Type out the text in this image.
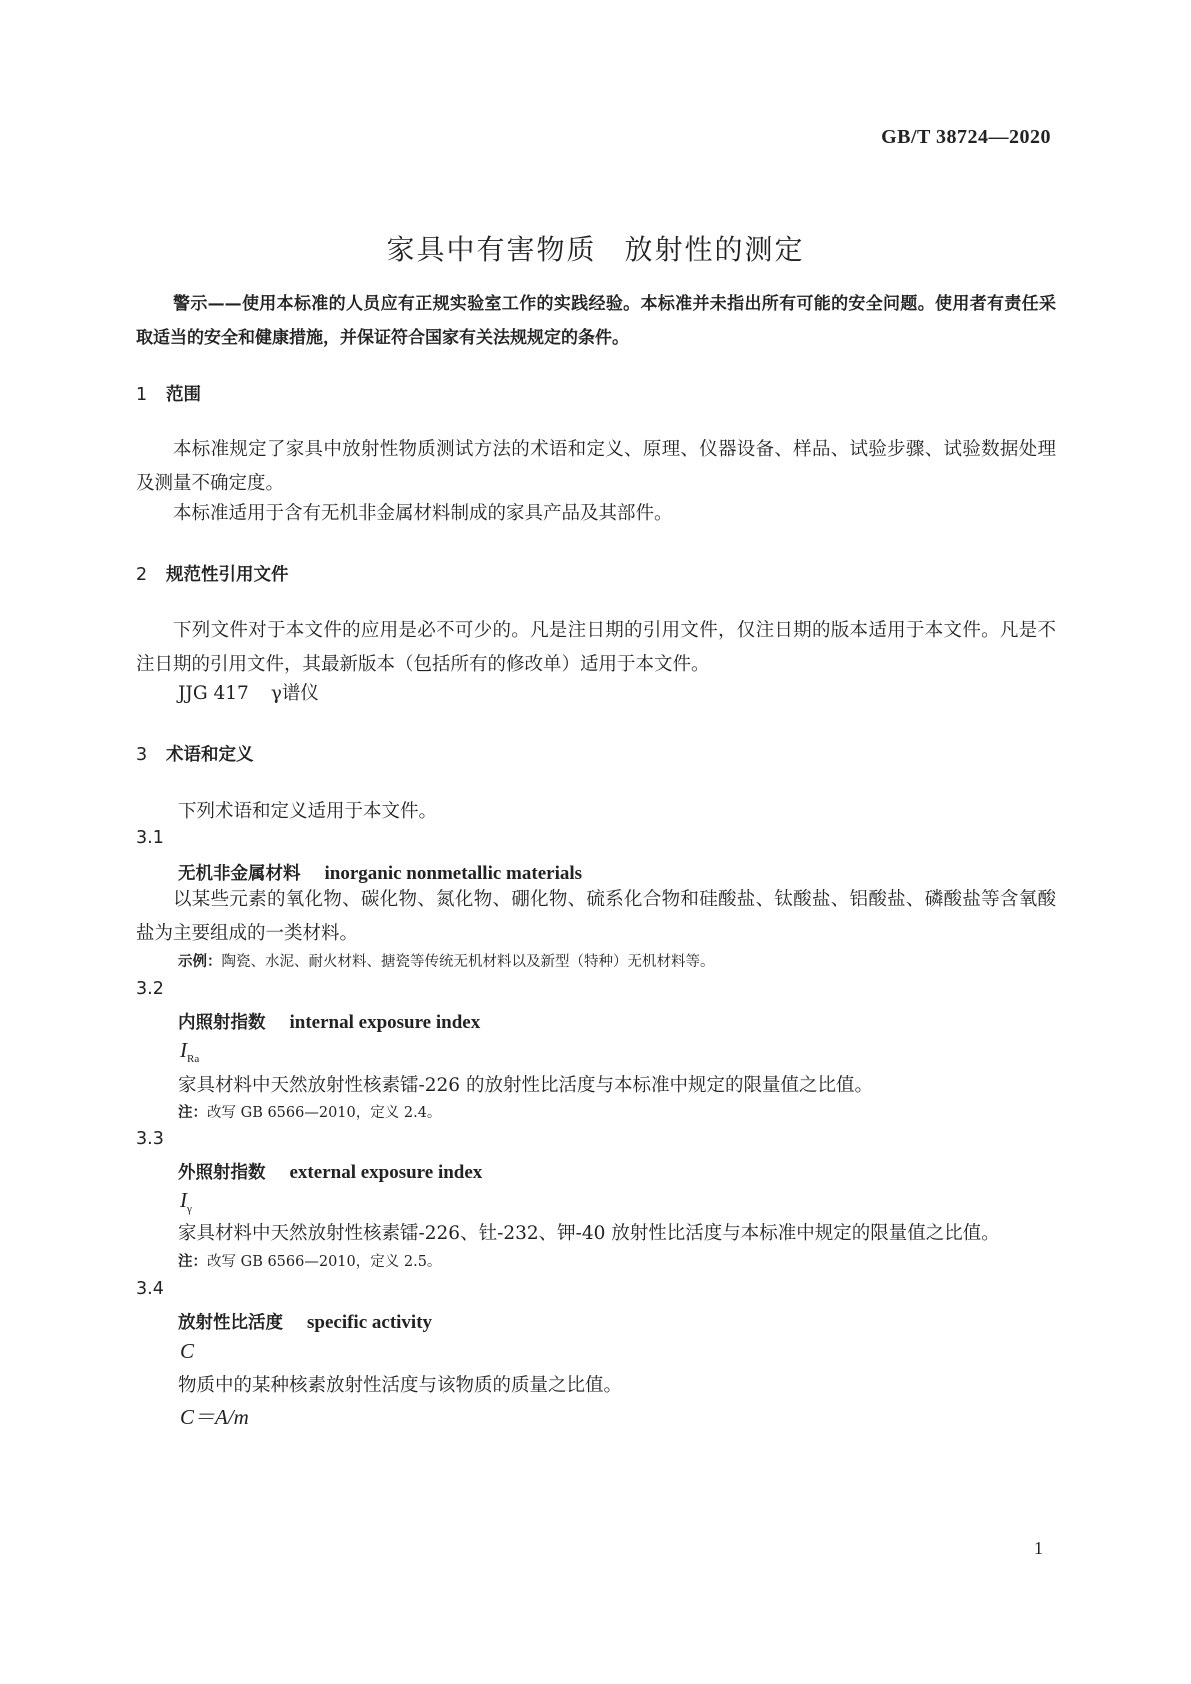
GB/T 38724—2020
家具中有害物质 放射性的测定
警示——使用本标准的人员应有正规实验室工作的实践经验。本标准并未指出所有可能的安全问题。使用者有责任采取适当的安全和健康措施，并保证符合国家有关法规规定的条件。
1 范围
本标准规定了家具中放射性物质测试方法的术语和定义、原理、仪器设备、样品、试验步骤、试验数据处理及测量不确定度。
本标准适用于含有无机非金属材料制成的家具产品及其部件。
2 规范性引用文件
下列文件对于本文件的应用是必不可少的。凡是注日期的引用文件，仅注日期的版本适用于本文件。凡是不注日期的引用文件，其最新版本（包括所有的修改单）适用于本文件。
JJG 417 γ谱仪
3 术语和定义
下列术语和定义适用于本文件。
3.1
无机非金属材料 inorganic nonmetallic materials
以某些元素的氧化物、碳化物、氮化物、硼化物、硫系化合物和硅酸盐、钛酸盐、铝酸盐、磷酸盐等含氧酸盐为主要组成的一类材料。
示例：陶瓷、水泥、耐火材料、搪瓷等传统无机材料以及新型（特种）无机材料等。
3.2
内照射指数 internal exposure index
$I_{Ra}$
家具材料中天然放射性核素镭-226 的放射性比活度与本标准中规定的限量值之比值。
注：改写 GB 6566—2010，定义 2.4。
3.3
外照射指数 external exposure index
$I_\gamma$
家具材料中天然放射性核素镭-226、钍-232、钾-40 放射性比活度与本标准中规定的限量值之比值。
注：改写 GB 6566—2010，定义 2.5。
3.4
放射性比活度 specific activity
C
物质中的某种核素放射性活度与该物质的质量之比值。
C＝A/m
1
